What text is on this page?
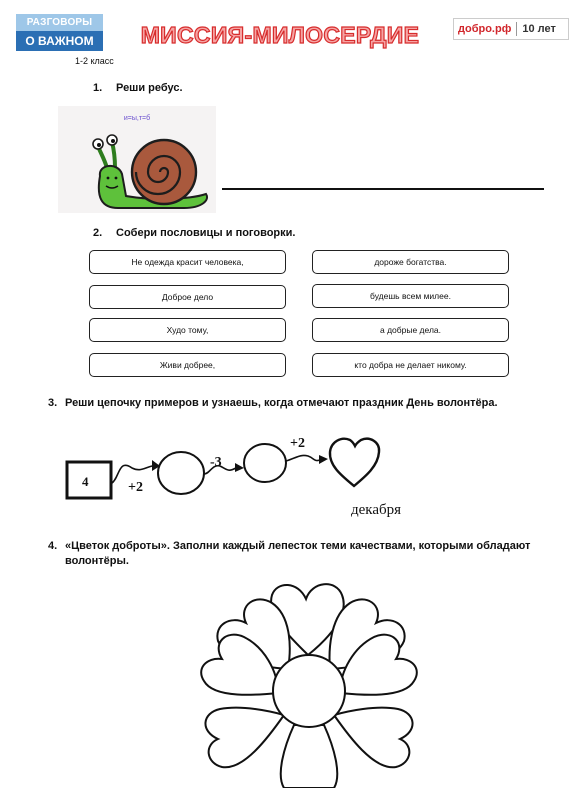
РАЗГОВОРЫ
О ВАЖНОМ	МИССИЯ-МИЛОСЕРДИЕ	добро.рф 10 лет
1-2 класс
1. Реши ребус.
и=ы,т=б
2. Собери пословицы и поговорки.
Не одежда красит человека,
Доброе дело
Худо тому,
Живи добрее,
дороже богатства.
будешь всем милее.
а добрые дела.
кто добра не делает никому.
3. Реши цепочку примеров и узнаешь, когда отмечают праздник День волонтёра.
4	+2
-3
+2
декабря
4. «Цветок доброты». Заполни каждый лепесток теми качествами, которыми обладают волонтёры.
